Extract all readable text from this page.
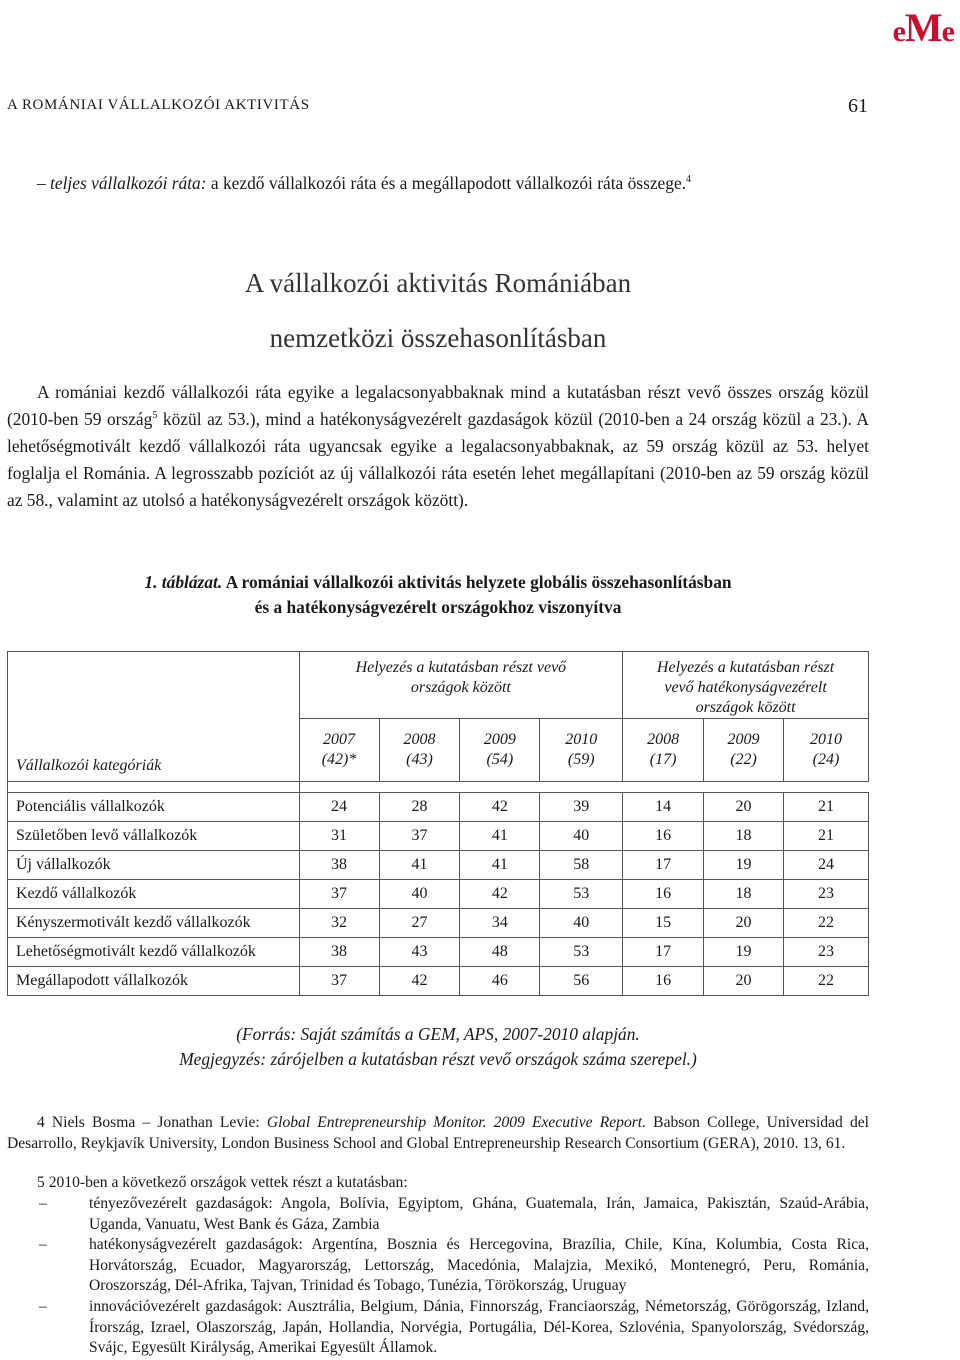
eMe
A ROMÁNIAI VÁLLALKOZÓI AKTIVITÁS	61

– teljes vállalkozói ráta: a kezdő vállalkozói ráta és a megállapodott vállalkozói ráta összege.$^4$

A vállalkozói aktivitás Romániában
nemzetközi összehasonlításban

A romániai kezdő vállalkozói ráta egyike a legalacsonyabbaknak mind a kutatásban részt vevő összes ország közül (2010-ben 59 ország$^5$ közül az 53.), mind a hatékonyságvezérelt gazdaságok közül (2010-ben a 24 ország közül a 23.). A lehetőségmotivált kezdő vállalkozói ráta ugyancsak egyike a legalacsonyabbaknak, az 59 ország közül az 53. helyet foglalja el Románia. A legrosszabb pozíciót az új vállalkozói ráta esetén lehet megállapítani (2010-ben az 59 ország közül az 58., valamint az utolsó a hatékonyságvezérelt országok között).

1. táblázat. A romániai vállalkozói aktivitás helyzete globális összehasonlításban
és a hatékonyságvezérelt országokhoz viszonyítva
Vállalkozói kategóriák	Helyezés a kutatásban részt vevő országok között				Helyezés a kutatásban részt vevő hatékonyságvezérelt országok között		
	2007
(42)*	2008
(43)	2009
(54)	2010
(59)	2008
(17)	2009
(22)	2010
(24)

Potenciális vállalkozók	24	28	42	39	14	20	21
Születőben levő vállalkozók	31	37	41	40	16	18	21
Új vállalkozók	38	41	41	58	17	19	24
Kezdő vállalkozók	37	40	42	53	16	18	23
Kényszermotivált kezdő vállalkozók	32	27	34	40	15	20	22
Lehetőségmotivált kezdő vállalkozók	38	43	48	53	17	19	23
Megállapodott vállalkozók	37	42	46	56	16	20	22
(Forrás: Saját számítás a GEM, APS, 2007-2010 alapján.
Megjegyzés: zárójelben a kutatásban részt vevő országok száma szerepel.)

4 Niels Bosma – Jonathan Levie: Global Entrepreneurship Monitor. 2009 Executive Report. Babson College, Universidad del Desarrollo, Reykjavík University, London Business School and Global Entrepreneurship Research Consortium (GERA), 2010. 13, 61.

5 2010-ben a következő országok vettek részt a kutatásban:

–	tényezővezérelt gazdaságok: Angola, Bolívia, Egyiptom, Ghána, Guatemala, Irán, Jamaica, Pakisztán, Szaúd-Arábia, Uganda, Vanuatu, West Bank és Gáza, Zambia
–	hatékonyságvezérelt gazdaságok: Argentína, Bosznia és Hercegovina, Brazília, Chile, Kína, Kolumbia, Costa Rica, Horvátország, Ecuador, Magyarország, Lettország, Macedónia, Malajzia, Mexikó, Montenegró, Peru, Románia, Oroszország, Dél-Afrika, Tajvan, Trinidad és Tobago, Tunézia, Törökország, Uruguay
–	innovációvezérelt gazdaságok: Ausztrália, Belgium, Dánia, Finnország, Franciaország, Németország, Görögország, Izland, Írország, Izrael, Olaszország, Japán, Hollandia, Norvégia, Portugália, Dél-Korea, Szlovénia, Spanyolország, Svédország, Svájc, Egyesült Királyság, Amerikai Egyesült Államok.
